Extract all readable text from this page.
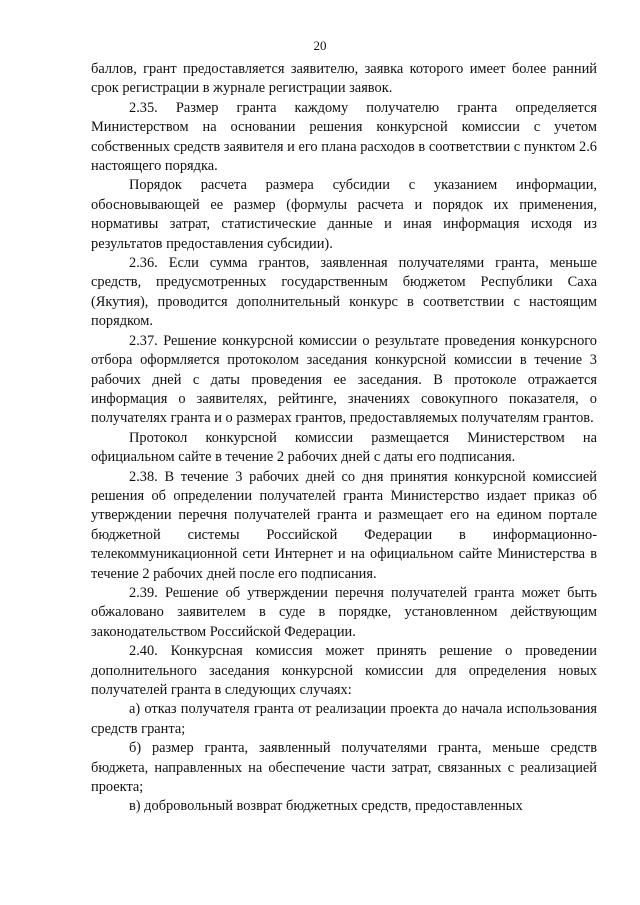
20

баллов, грант предоставляется заявителю, заявка которого имеет более ранний срок регистрации в журнале регистрации заявок.

2.35. Размер гранта каждому получателю гранта определяется Министерством на основании решения конкурсной комиссии с учетом собственных средств заявителя и его плана расходов в соответствии с пунктом 2.6 настоящего порядка.

Порядок расчета размера субсидии с указанием информации, обосновывающей ее размер (формулы расчета и порядок их применения, нормативы затрат, статистические данные и иная информация исходя из результатов предоставления субсидии).

2.36. Если сумма грантов, заявленная получателями гранта, меньше средств, предусмотренных государственным бюджетом Республики Саха (Якутия), проводится дополнительный конкурс в соответствии с настоящим порядком.

2.37. Решение конкурсной комиссии о результате проведения конкурсного отбора оформляется протоколом заседания конкурсной комиссии в течение 3 рабочих дней с даты проведения ее заседания. В протоколе отражается информация о заявителях, рейтинге, значениях совокупного показателя, о получателях гранта и о размерах грантов, предоставляемых получателям грантов.

Протокол конкурсной комиссии размещается Министерством на официальном сайте в течение 2 рабочих дней с даты его подписания.

2.38. В течение 3 рабочих дней со дня принятия конкурсной комиссией решения об определении получателей гранта Министерство издает приказ об утверждении перечня получателей гранта и размещает его на едином портале бюджетной системы Российской Федерации в информационно-телекоммуникационной сети Интернет и на официальном сайте Министерства в течение 2 рабочих дней после его подписания.

2.39. Решение об утверждении перечня получателей гранта может быть обжаловано заявителем в суде в порядке, установленном действующим законодательством Российской Федерации.

2.40. Конкурсная комиссия может принять решение о проведении дополнительного заседания конкурсной комиссии для определения новых получателей гранта в следующих случаях:

а) отказ получателя гранта от реализации проекта до начала использования средств гранта;

б) размер гранта, заявленный получателями гранта, меньше средств бюджета, направленных на обеспечение части затрат, связанных с реализацией проекта;

в) добровольный возврат бюджетных средств, предоставленных
